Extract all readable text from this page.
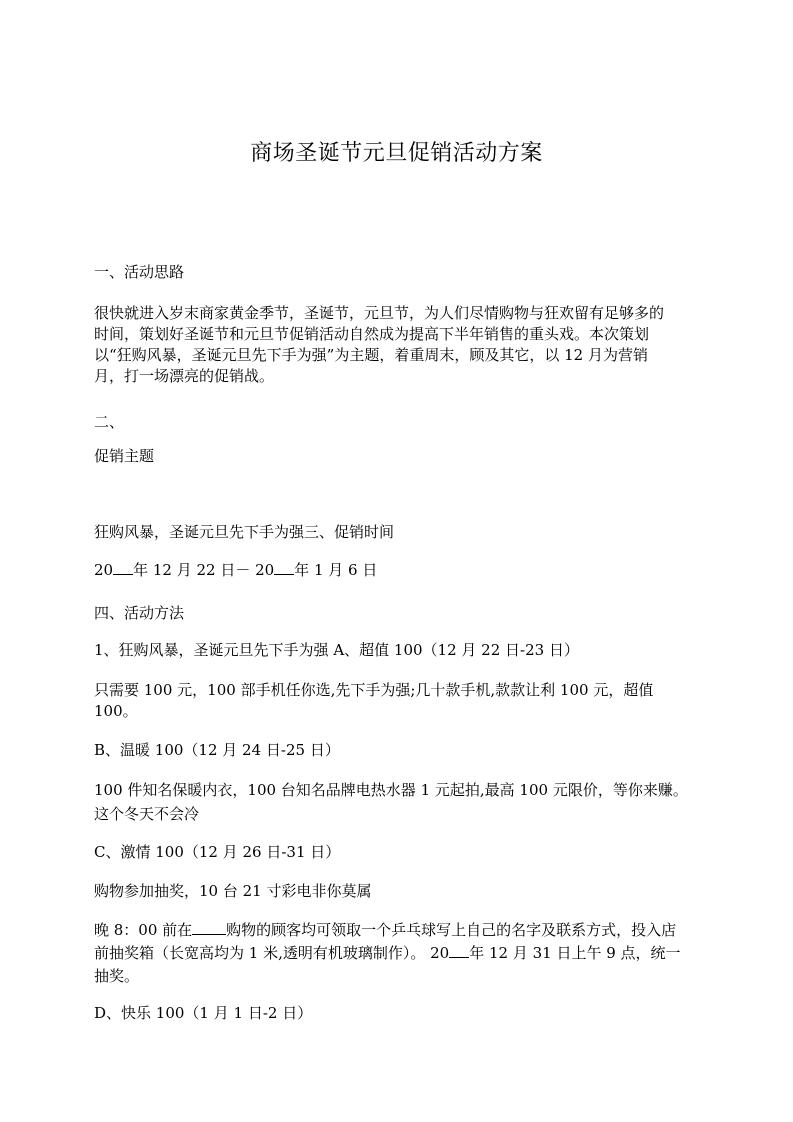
商场圣诞节元旦促销活动方案
一、活动思路
很快就进入岁末商家黄金季节，圣诞节，元旦节，为人们尽情购物与狂欢留有足够多的
时间，策划好圣诞节和元旦节促销活动自然成为提高下半年销售的重头戏。本次策划
以“狂购风暴，圣诞元旦先下手为强”为主题，着重周末，顾及其它，以 12 月为营销
月，打一场漂亮的促销战。
二、
促销主题
狂购风暴，圣诞元旦先下手为强三、促销时间
20 年 12 月 22 日－ 20 年 1 月 6 日
四、活动方法
1、狂购风暴，圣诞元旦先下手为强 A、超值 100（12 月 22 日-23 日）
只需要 100 元，100 部手机任你选,先下手为强;几十款手机,款款让利 100 元，超值
100。
B、温暖 100（12 月 24 日-25 日）
100 件知名保暖内衣，100 台知名品牌电热水器 1 元起拍,最高 100 元限价，等你来赚。
这个冬天不会冷
C、激情 100（12 月 26 日-31 日）
购物参加抽奖，10 台 21 寸彩电非你莫属
晚 8：00 前在 购物的顾客均可领取一个乒乓球写上自己的名字及联系方式，投入店
前抽奖箱（长宽高均为 1 米,透明有机玻璃制作）。 20 年 12 月 31 日上午 9 点，统一
抽奖。
D、快乐 100（1 月 1 日-2 日）
